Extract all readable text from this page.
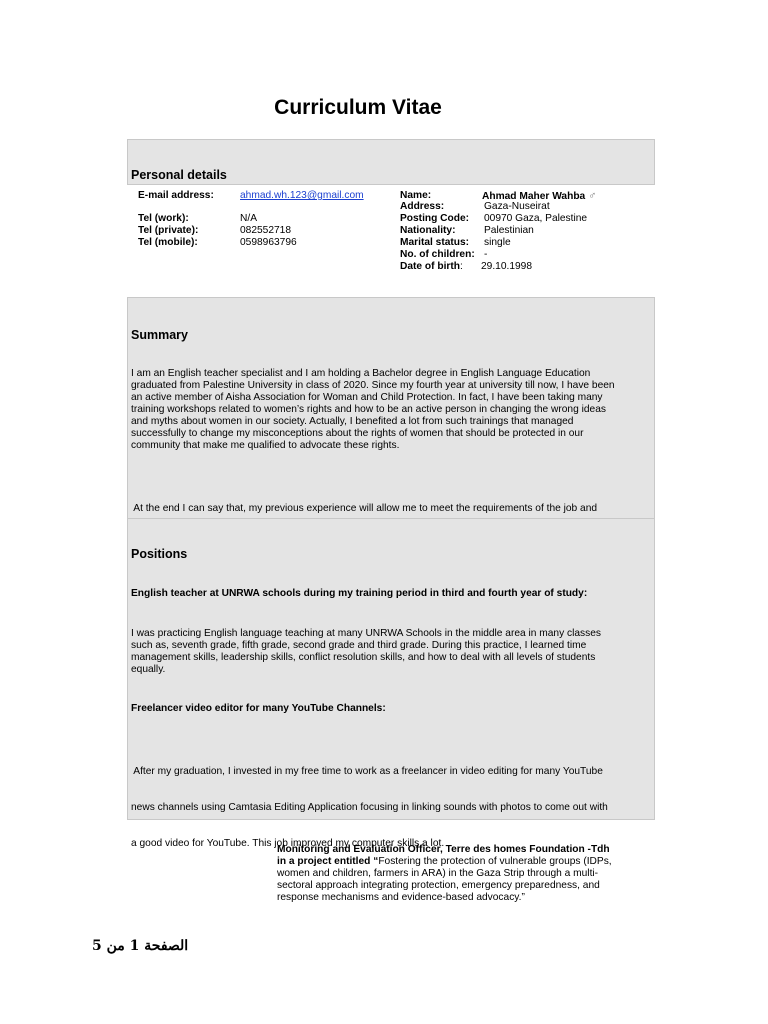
Curriculum Vitae
Personal details
E-mail address:	ahmad.wh.123@gmail.com
Tel (work):	N/A
Tel (private):	082552718
Tel (mobile):	0598963796
Name:	Ahmad Maher Wahba ♂
Address:	Gaza-Nuseirat
Posting Code: 00970 Gaza, Palestine
Nationality:	Palestinian
Marital status: single
No. of children: -
Date of birth: 29.10.1998
Summary
I am an English teacher specialist and I am holding a Bachelor degree in English Language Education
graduated from Palestine University in class of 2020. Since my fourth year at university till now, I have been
an active member of Aisha Association for Woman and Child Protection. In fact, I have been taking many
training workshops related to women’s rights and how to be an active person in changing the wrong ideas
and myths about women in our society. Actually, I benefited a lot from such trainings that managed
successfully to change my misconceptions about the rights of women that should be protected in our
community that make me qualified to advocate these rights.

At the end I can say that, my previous experience will allow me to meet the requirements of the job and

Positions
English teacher at UNRWA schools during my training period in third and fourth year of study:
I was practicing English language teaching at many UNRWA Schools in the middle area in many classes
such as, seventh grade, fifth grade, second grade and third grade. During this practice, I learned time
management skills, leadership skills, conflict resolution skills, and how to deal with all levels of students
equally.
Freelancer video editor for many YouTube Channels:

After my graduation, I invested in my free time to work as a freelancer in video editing for many YouTube

news channels using Camtasia Editing Application focusing in linking sounds with photos to come out with

a good video for YouTube. This job improved my computer skills a lot.

Monitoring and Evaluation Officer, Terre des homes Foundation -Tdh
in a project entitled “Fostering the protection of vulnerable groups (IDPs,
women and children, farmers in ARA) in the Gaza Strip through a multi-
sectoral approach integrating protection, emergency preparedness, and
response mechanisms and evidence-based advocacy.”
الصفحة 1 من 5
